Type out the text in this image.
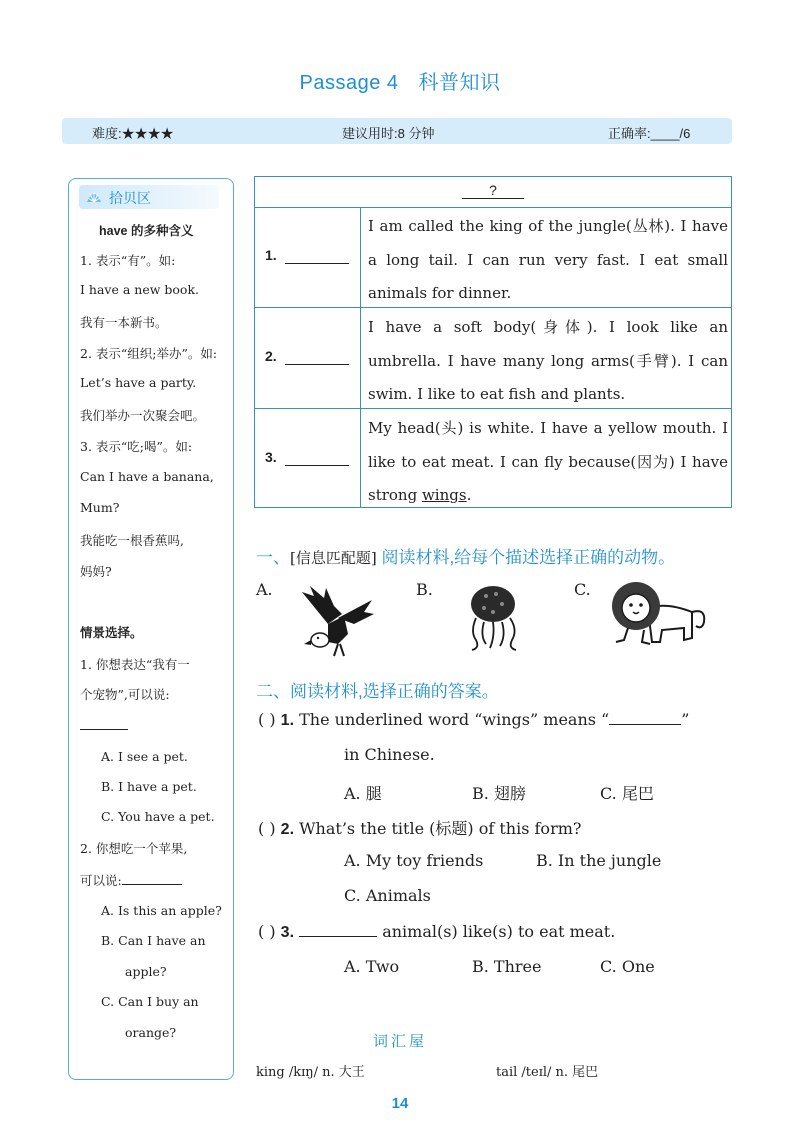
Passage 4 科普知识
难度:★★★★	建议用时:8 分钟	正确率:____/6
拾贝区
have 的多种含义
1. 表示“有”。如:
I have a new book.
我有一本新书。
2. 表示“组织;举办”。如:
Let’s have a party.
我们举办一次聚会吧。
3. 表示“吃;喝”。如:
Can I have a banana,
Mum?
我能吃一根香蕉吗,
妈妈?
情景选择。
1. 你想表达“我有一
个宠物”,可以说:
A. I see a pet.
B. I have a pet.
C. You have a pet.
2. 你想吃一个苹果,
可以说:
A. Is this an apple?
B. Can I have an
apple?
C. Can I buy an
orange?
?
1.
I am called the king of the jungle(丛林). I have
a long tail. I can run very fast. I eat small
animals for dinner.
2.
I have a soft body(身体). I look like an
umbrella. I have many long arms(手臂). I can
swim. I like to eat fish and plants.
3.
My head(头) is white. I have a yellow mouth. I
like to eat meat. I can fly because(因为) I have
strong wings.
一、[信息匹配题] 阅读材料,给每个描述选择正确的动物。
A.	B.	C.
二、阅读材料,选择正确的答案。
( ) 1. The underlined word “wings” means “	”
in Chinese.
A. 腿	B. 翅膀	C. 尾巴
( ) 2. What’s the title (标题) of this form?
A. My toy friends	B. In the jungle
C. Animals
( ) 3.	animal(s) like(s) to eat meat.
A. Two	B. Three	C. One
词汇屋
king /kɪŋ/ n. 大王	tail /teɪl/ n. 尾巴
14
